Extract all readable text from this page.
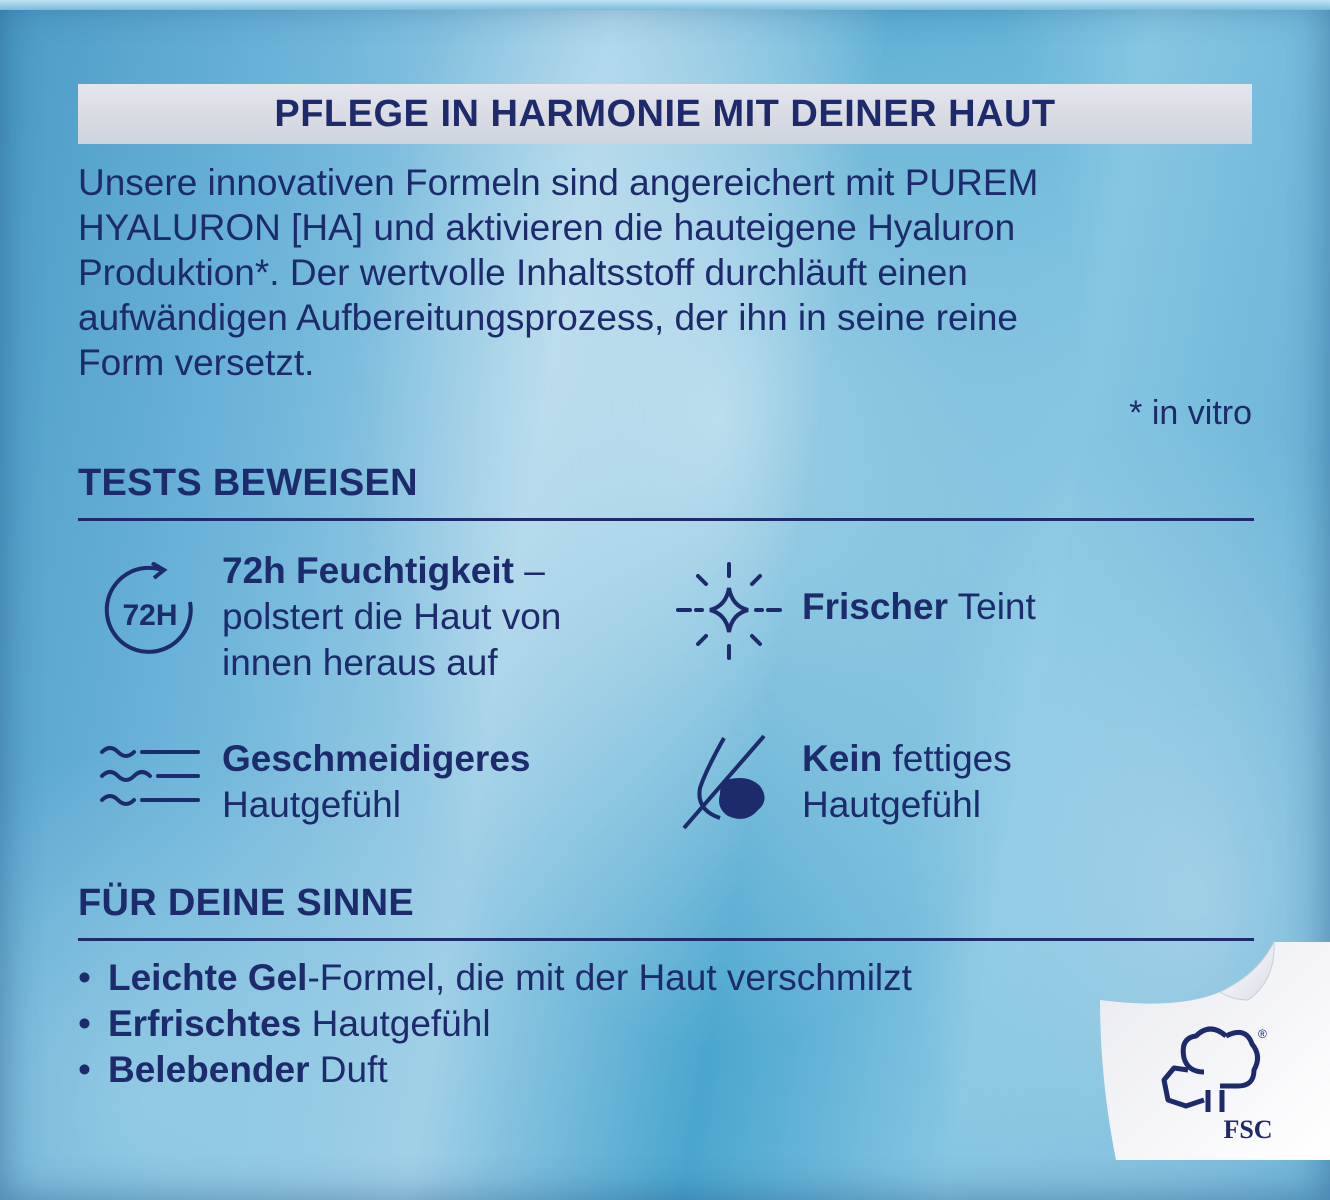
PFLEGE IN HARMONIE MIT DEINER HAUT

Unsere innovativen Formeln sind angereichert mit PUREM
HYALURON [HA] und aktivieren die hauteigene Hyaluron
Produktion*. Der wertvolle Inhaltsstoff durchläuft einen
aufwändigen Aufbereitungsprozess, der ihn in seine reine
Form versetzt.

* in vitro
TESTS BEWEISEN
72H
72h Feuchtigkeit –
polstert die Haut von
innen heraus auf
Frischer Teint
Geschmeidigeres
Hautgefühl
Kein fettiges
Hautgefühl
FÜR DEINE SINNE
• Leichte Gel-Formel, die mit der Haut verschmilzt
• Erfrischtes Hautgefühl
• Belebender Duft
FSC
®
